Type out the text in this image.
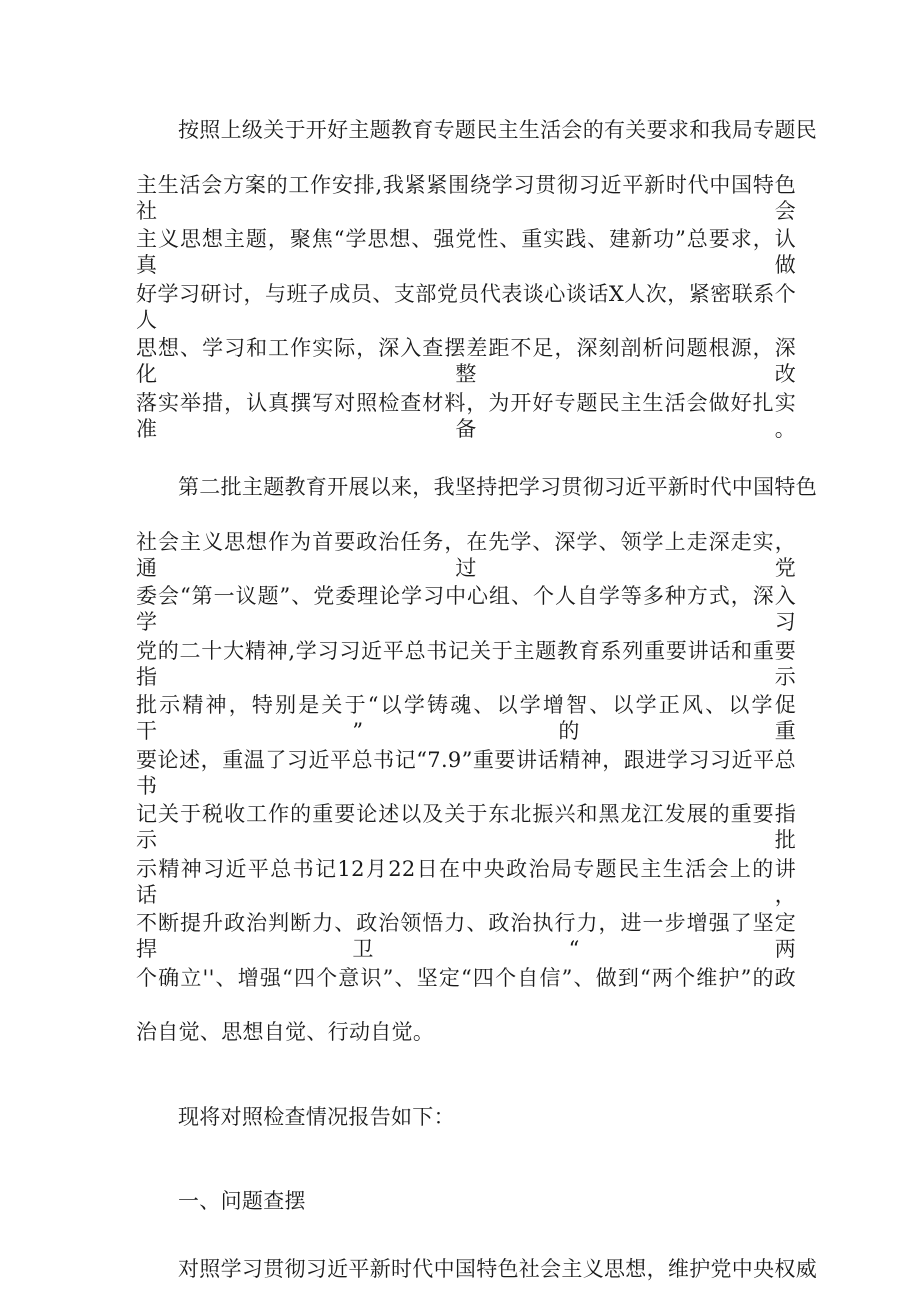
按照上级关于开好主题教育专题民主生活会的有关要求和我局专题民
主生活会方案的工作安排,我紧紧围绕学习贯彻习近平新时代中国特色社会
主义思想主题，聚焦“学思想、强党性、重实践、建新功”总要求，认真做
好学习研讨，与班子成员、支部党员代表谈心谈话X人次，紧密联系个人
思想、学习和工作实际，深入查摆差距不足，深刻剖析问题根源，深化整改
落实举措，认真撰写对照检查材料，为开好专题民主生活会做好扎实准备。
第二批主题教育开展以来，我坚持把学习贯彻习近平新时代中国特色
社会主义思想作为首要政治任务，在先学、深学、领学上走深走实，通过党
委会“第一议题”、党委理论学习中心组、个人自学等多种方式，深入学习
党的二十大精神,学习习近平总书记关于主题教育系列重要讲话和重要指示
批示精神，特别是关于“以学铸魂、以学增智、以学正风、以学促干”的重
要论述，重温了习近平总书记“7.9”重要讲话精神，跟进学习习近平总书
记关于税收工作的重要论述以及关于东北振兴和黑龙江发展的重要指示批
示精神习近平总书记12月22日在中央政治局专题民主生活会上的讲话，
不断提升政治判断力、政治领悟力、政治执行力，进一步增强了坚定捍卫“两
个确立''、增强“四个意识”、坚定“四个自信”、做到“两个维护”的政
治自觉、思想自觉、行动自觉。
现将对照检查情况报告如下：
一、问题查摆
对照学习贯彻习近平新时代中国特色社会主义思想，维护党中央权威
